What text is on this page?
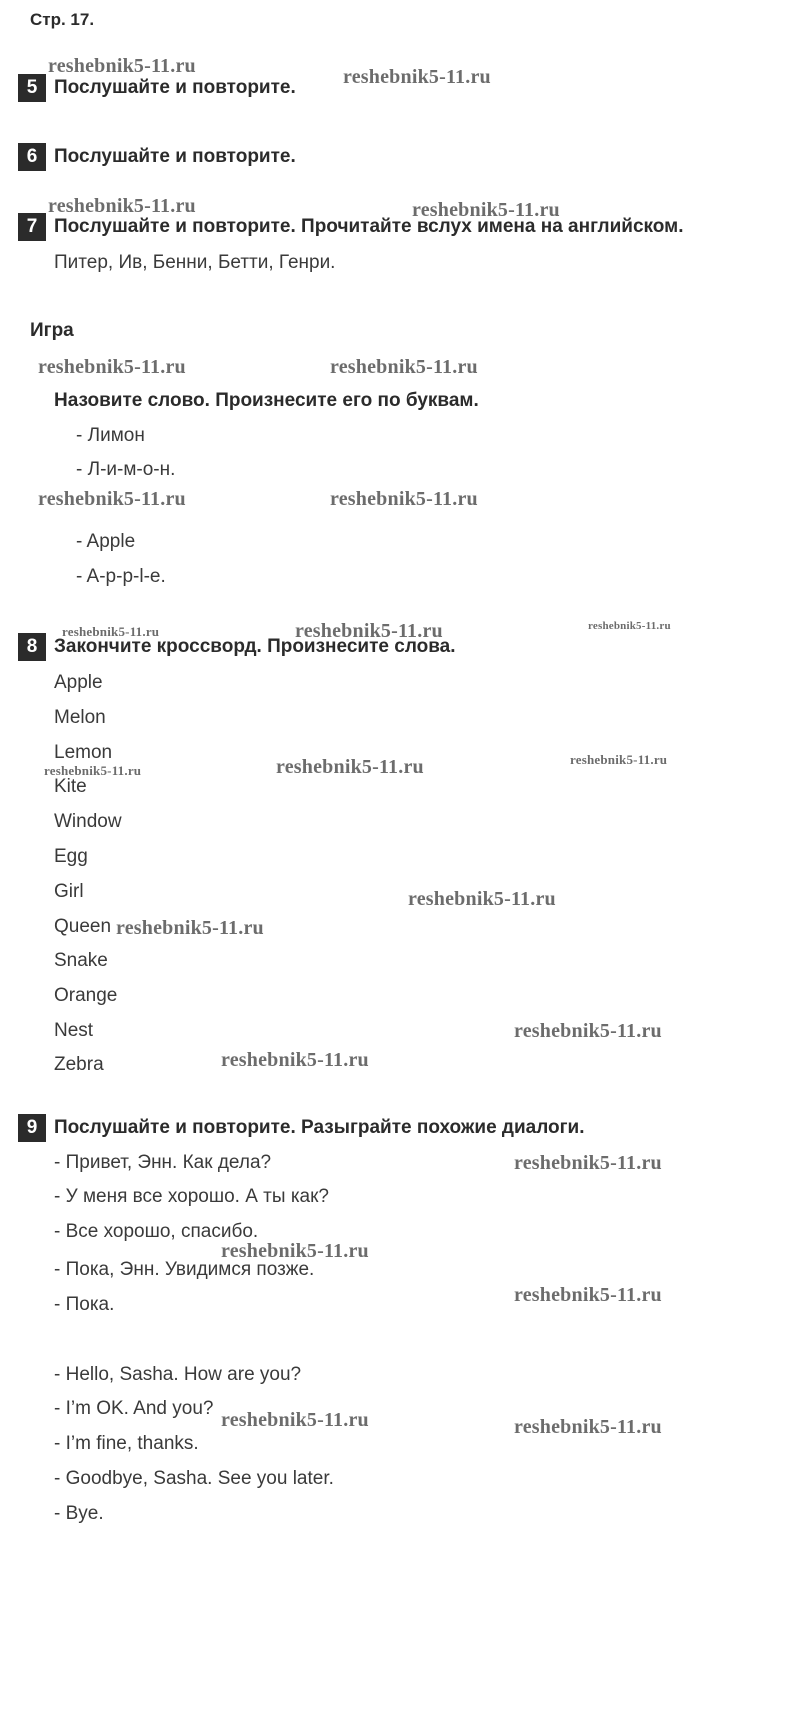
Стр. 17.
5 Послушайте и повторите.
6 Послушайте и повторите.
7 Послушайте и повторите. Прочитайте вслух имена на английском.
Питер, Ив, Бенни, Бетти, Генри.
Игра
Назовите слово. Произнесите его по буквам.
- Лимон
- Л-и-м-о-н.
- Apple
- A-p-p-l-e.
8 Закончите кроссворд. Произнесите слова.
Apple
Melon
Lemon
Kite
Window
Egg
Girl
Queen
Snake
Orange
Nest
Zebra
9 Послушайте и повторите. Разыграйте похожие диалоги.
- Привет, Энн. Как дела?
- У меня все хорошо. А ты как?
- Все хорошо, спасибо.
- Пока, Энн. Увидимся позже.
- Пока.
- Hello, Sasha. How are you?
- I’m OK. And you?
- I’m fine, thanks.
- Goodbye, Sasha. See you later.
- Bye.
reshebnik5-11.ru	reshebnik5-11.ru
reshebnik5-11.ru	reshebnik5-11.ru
reshebnik5-11.ru	reshebnik5-11.ru
reshebnik5-11.ru	reshebnik5-11.ru
reshebnik5-11.ru	reshebnik5-11.ru	reshebnik5-11.ru
reshebnik5-11.ru	reshebnik5-11.ru	reshebnik5-11.ru
reshebnik5-11.ru
reshebnik5-11.ru
reshebnik5-11.ru
reshebnik5-11.ru
reshebnik5-11.ru
reshebnik5-11.ru
reshebnik5-11.ru
reshebnik5-11.ru	reshebnik5-11.ru
